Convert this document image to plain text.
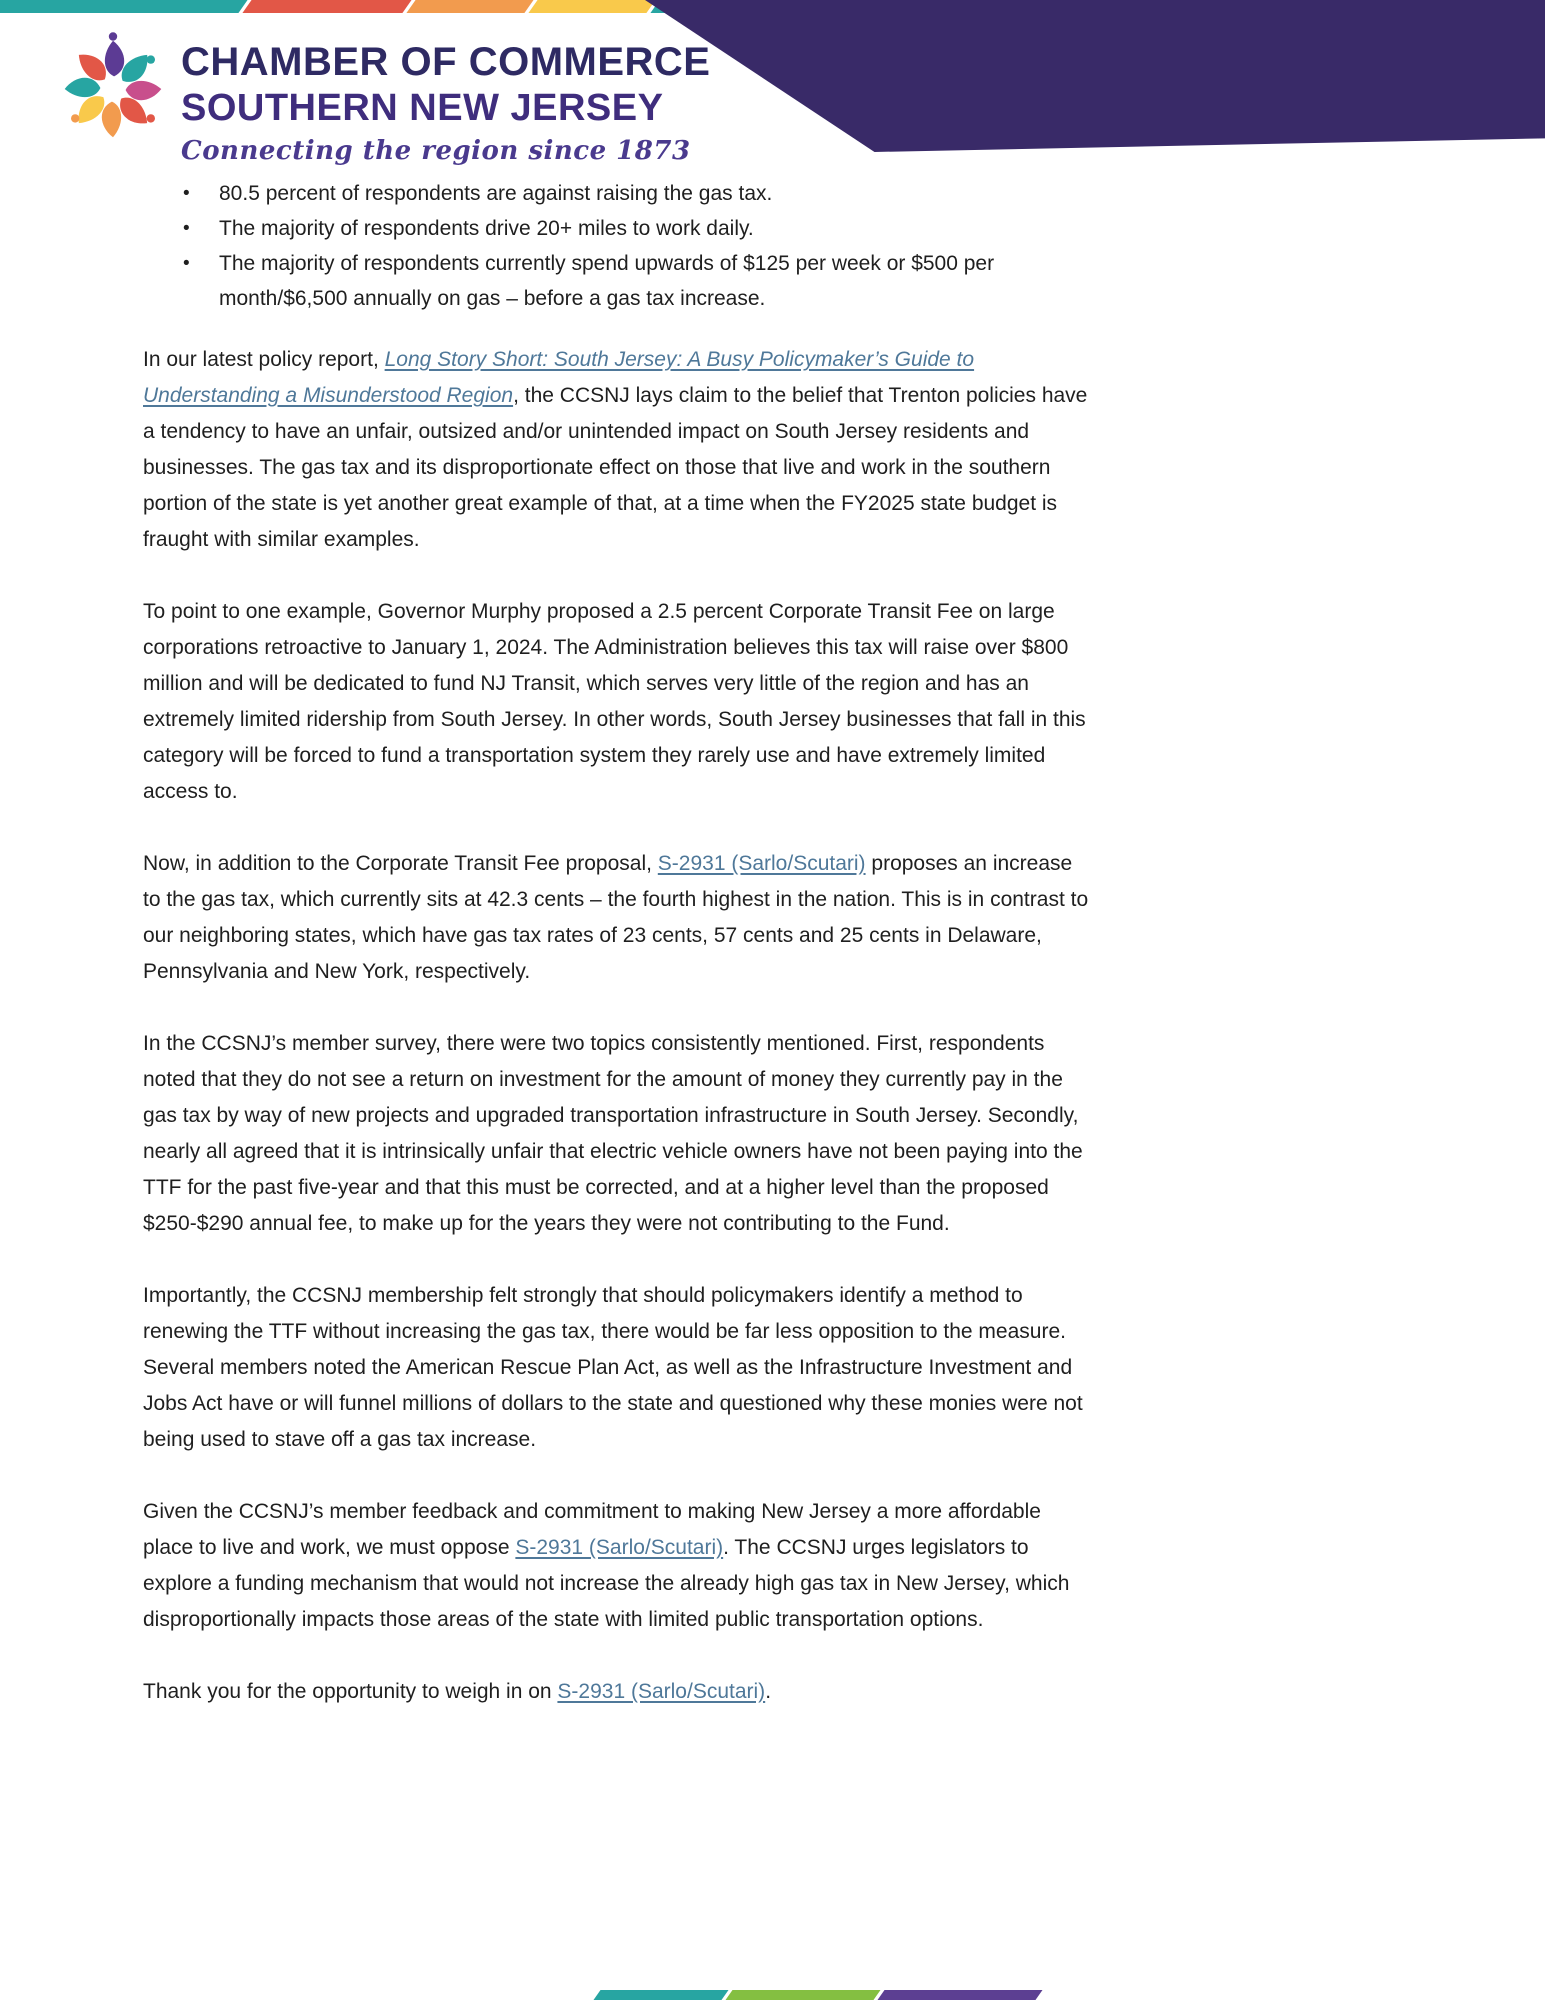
CHAMBER OF COMMERCE
SOUTHERN NEW JERSEY
Connecting the region since 1873
•	80.5 percent of respondents are against raising the gas tax.
•	The majority of respondents drive 20+ miles to work daily.
•	The majority of respondents currently spend upwards of $125 per week or $500 per month/$6,500 annually on gas – before a gas tax increase.

In our latest policy report, Long Story Short: South Jersey: A Busy Policymaker’s Guide to Understanding a Misunderstood Region, the CCSNJ lays claim to the belief that Trenton policies have a tendency to have an unfair, outsized and/or unintended impact on South Jersey residents and businesses. The gas tax and its disproportionate effect on those that live and work in the southern portion of the state is yet another great example of that, at a time when the FY2025 state budget is fraught with similar examples.

To point to one example, Governor Murphy proposed a 2.5 percent Corporate Transit Fee on large corporations retroactive to January 1, 2024. The Administration believes this tax will raise over $800 million and will be dedicated to fund NJ Transit, which serves very little of the region and has an extremely limited ridership from South Jersey. In other words, South Jersey businesses that fall in this category will be forced to fund a transportation system they rarely use and have extremely limited access to.

Now, in addition to the Corporate Transit Fee proposal, S-2931 (Sarlo/Scutari) proposes an increase to the gas tax, which currently sits at 42.3 cents – the fourth highest in the nation. This is in contrast to our neighboring states, which have gas tax rates of 23 cents, 57 cents and 25 cents in Delaware, Pennsylvania and New York, respectively.

In the CCSNJ’s member survey, there were two topics consistently mentioned. First, respondents noted that they do not see a return on investment for the amount of money they currently pay in the gas tax by way of new projects and upgraded transportation infrastructure in South Jersey. Secondly, nearly all agreed that it is intrinsically unfair that electric vehicle owners have not been paying into the TTF for the past five-year and that this must be corrected, and at a higher level than the proposed $250-$290 annual fee, to make up for the years they were not contributing to the Fund.

Importantly, the CCSNJ membership felt strongly that should policymakers identify a method to renewing the TTF without increasing the gas tax, there would be far less opposition to the measure. Several members noted the American Rescue Plan Act, as well as the Infrastructure Investment and Jobs Act have or will funnel millions of dollars to the state and questioned why these monies were not being used to stave off a gas tax increase.

Given the CCSNJ’s member feedback and commitment to making New Jersey a more affordable place to live and work, we must oppose S-2931 (Sarlo/Scutari). The CCSNJ urges legislators to explore a funding mechanism that would not increase the already high gas tax in New Jersey, which disproportionally impacts those areas of the state with limited public transportation options.

Thank you for the opportunity to weigh in on S-2931 (Sarlo/Scutari).
